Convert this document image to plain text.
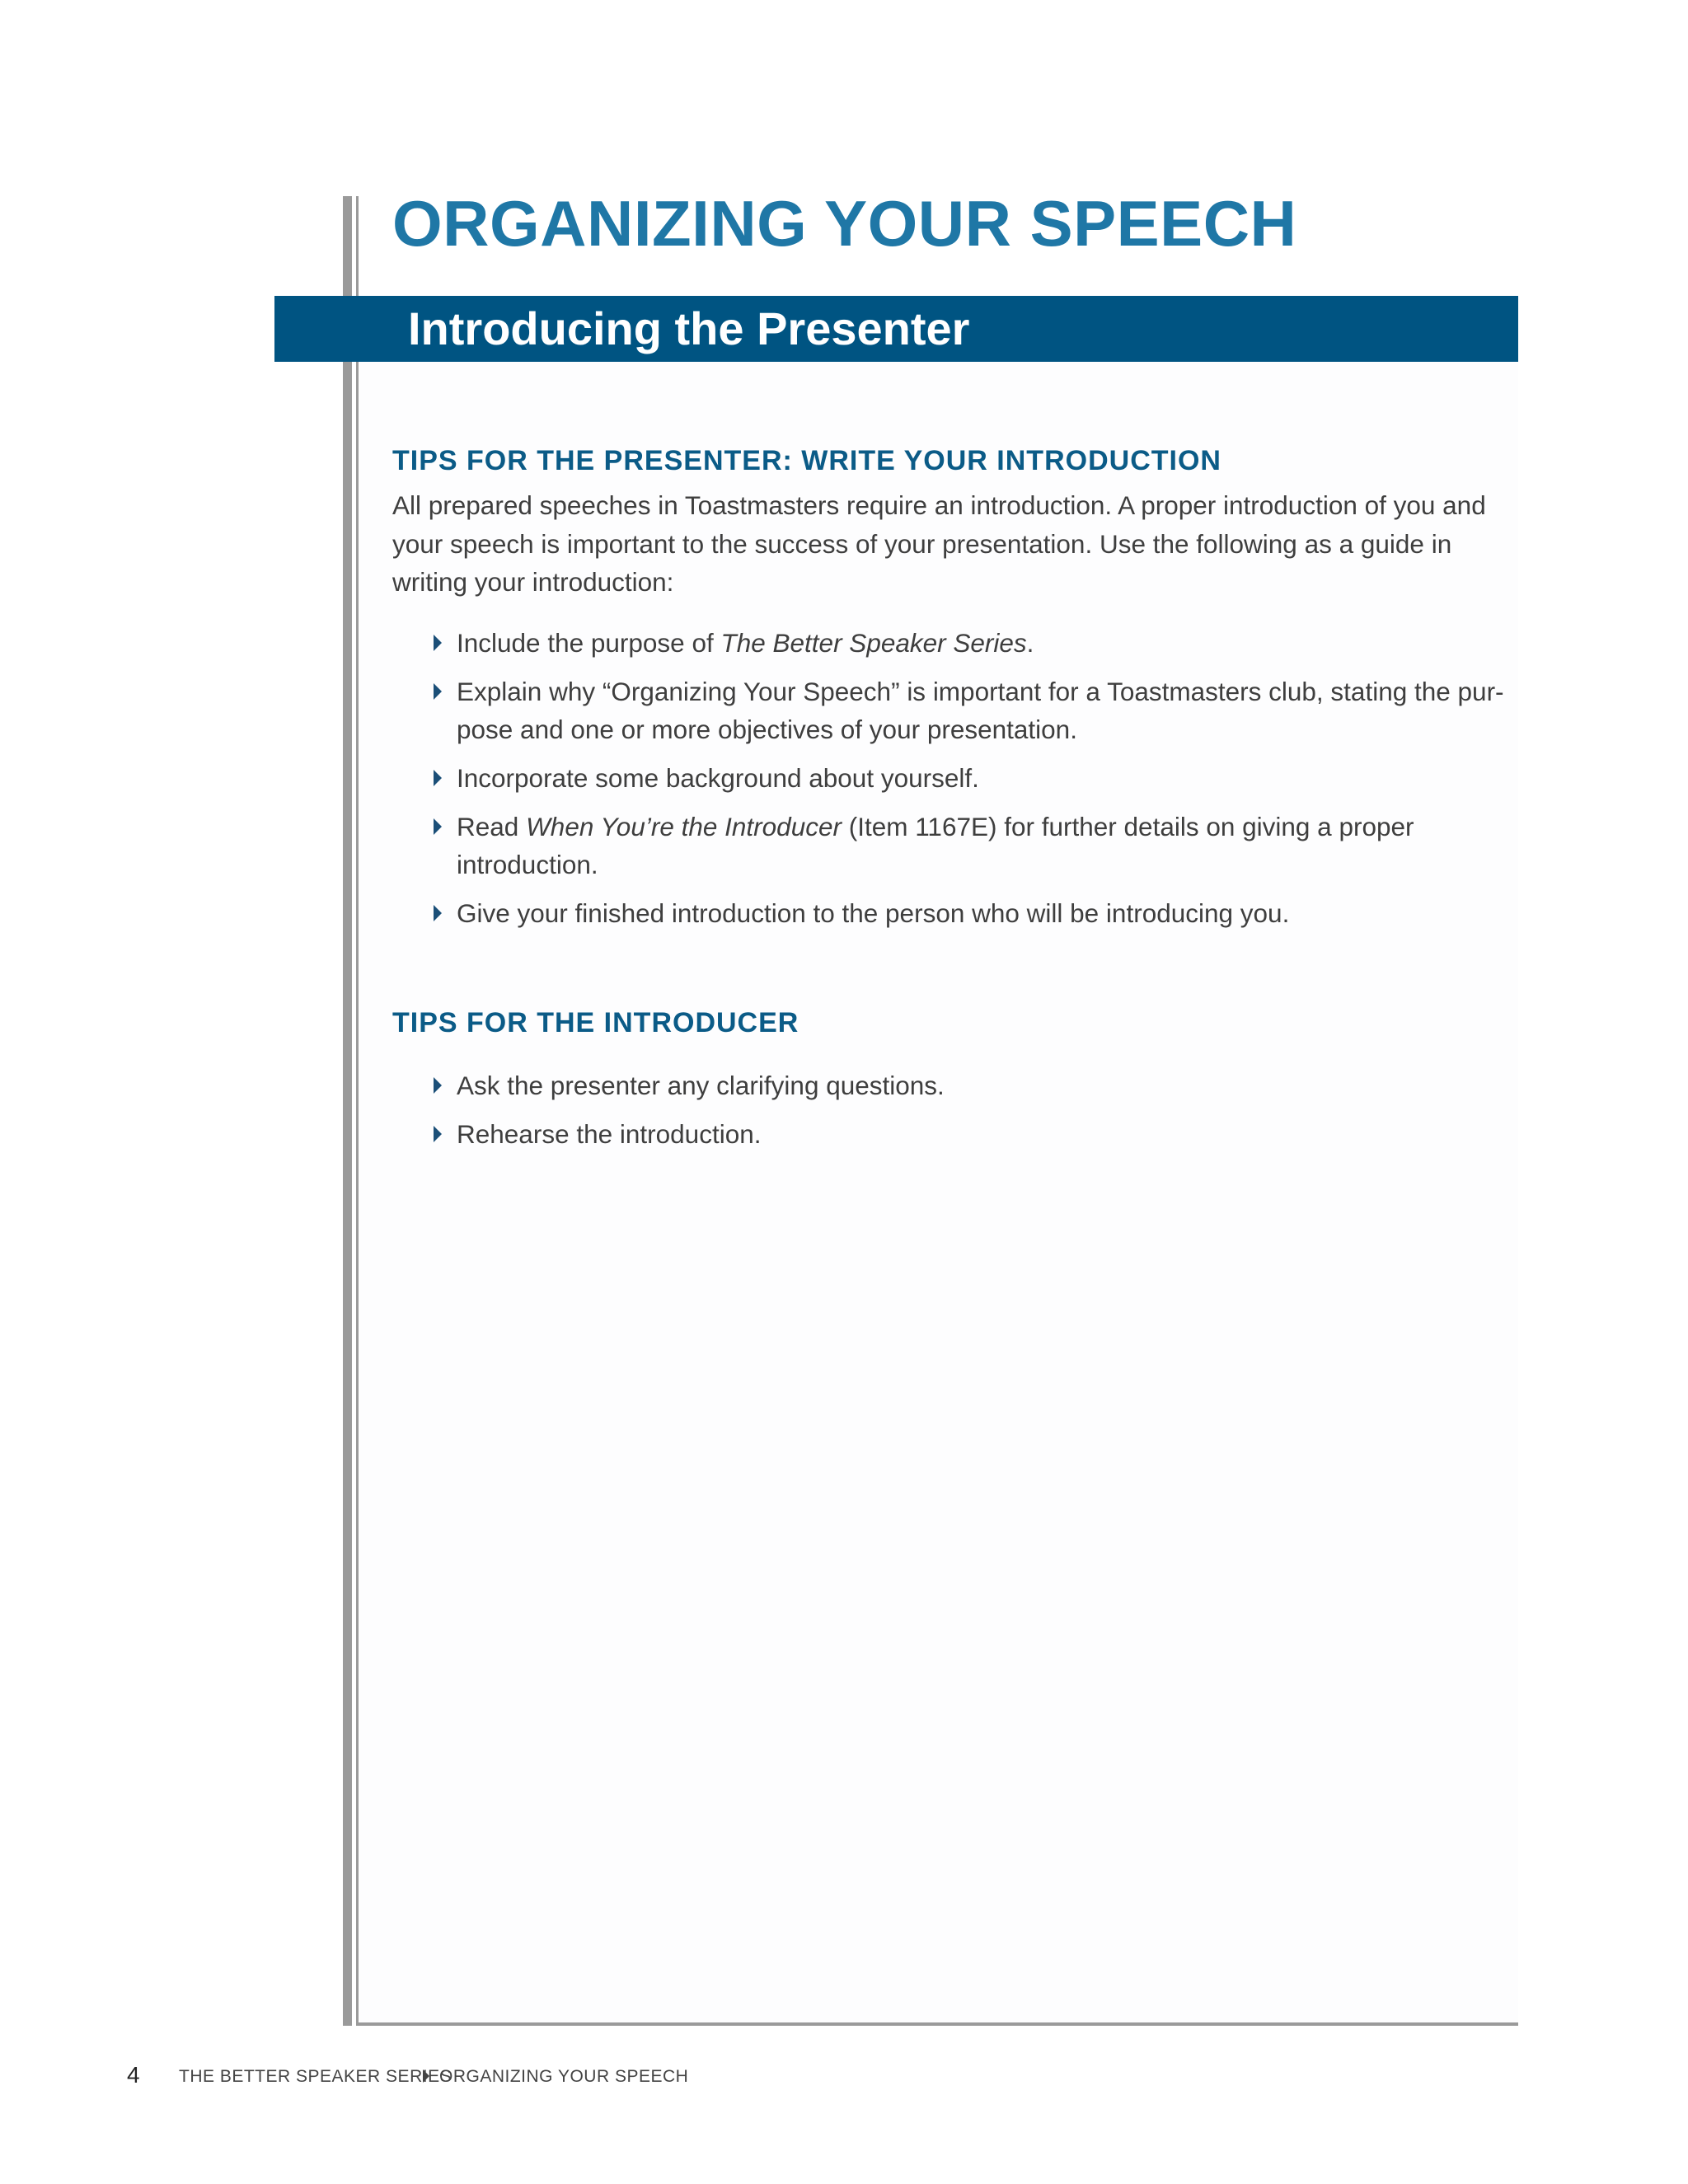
ORGANIZING YOUR SPEECH
Introducing the Presenter
TIPS FOR THE PRESENTER: WRITE YOUR INTRODUCTION

All prepared speeches in Toastmasters require an introduction. A proper introduction of you and your speech is important to the success of your presentation. Use the following as a guide in writing your introduction:

Include the purpose of The Better Speaker Series.
Explain why “Organizing Your Speech” is important for a Toastmasters club, stating the pur-pose and one or more objectives of your presentation.
Incorporate some background about yourself.
Read When You’re the Introducer (Item 1167E) for further details on giving a proper introduction.
Give your finished introduction to the person who will be introducing you.
TIPS FOR THE INTRODUCER
Ask the presenter any clarifying questions.
Rehearse the introduction.
4 THE BETTER SPEAKER SERIES
ORGANIZING YOUR SPEECH
